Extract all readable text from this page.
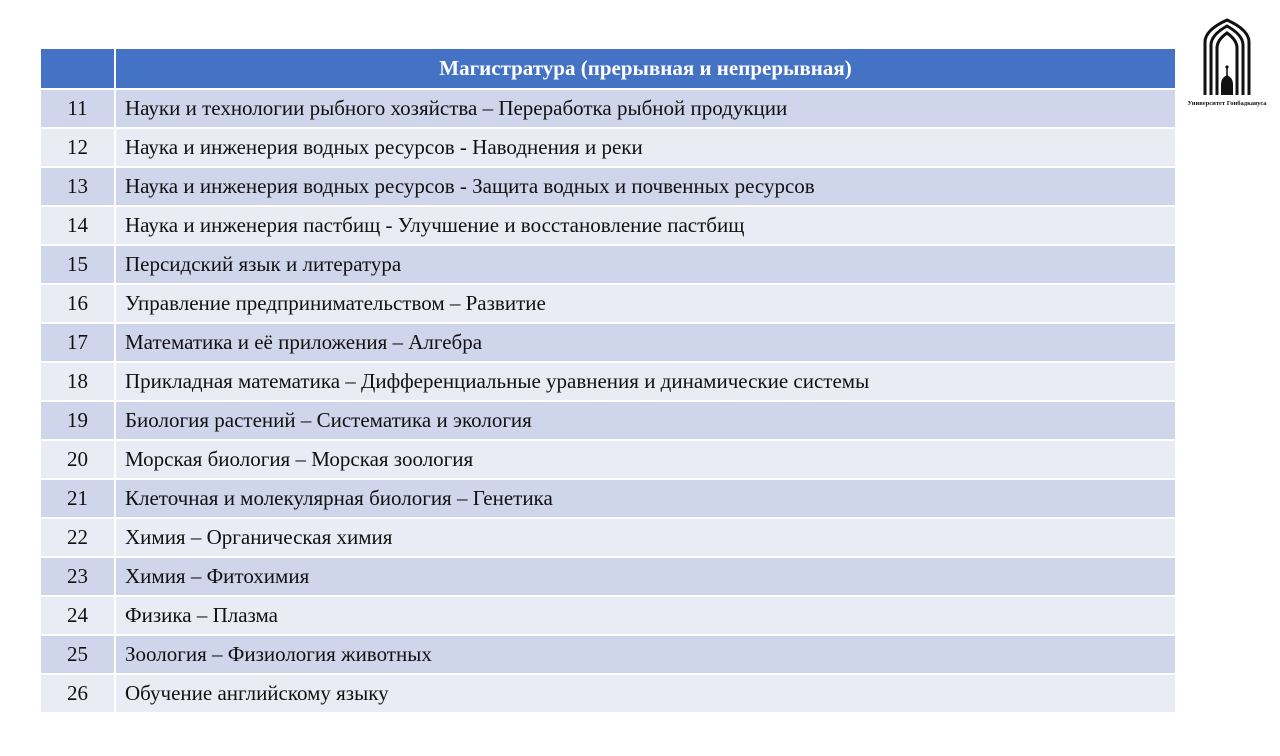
	Магистратура (прерывная и непрерывная)
11	Науки и технологии рыбного хозяйства – Переработка рыбной продукции
12	Наука и инженерия водных ресурсов - Наводнения и реки
13	Наука и инженерия водных ресурсов - Защита водных и почвенных ресурсов
14	Наука и инженерия пастбищ - Улучшение и восстановление пастбищ
15	Персидский язык и литература
16	Управление предпринимательством – Развитие
17	Математика и её приложения – Алгебра
18	Прикладная математика – Дифференциальные уравнения и динамические системы
19	Биология растений – Систематика и экология
20	Морская биология – Морская зоология
21	Клеточная и молекулярная биология – Генетика
22	Химия – Органическая химия
23	Химия – Фитохимия
24	Физика – Плазма
25	Зоология – Физиология животных
26	Обучение английскому языку
Университет Гонбадкавуса
